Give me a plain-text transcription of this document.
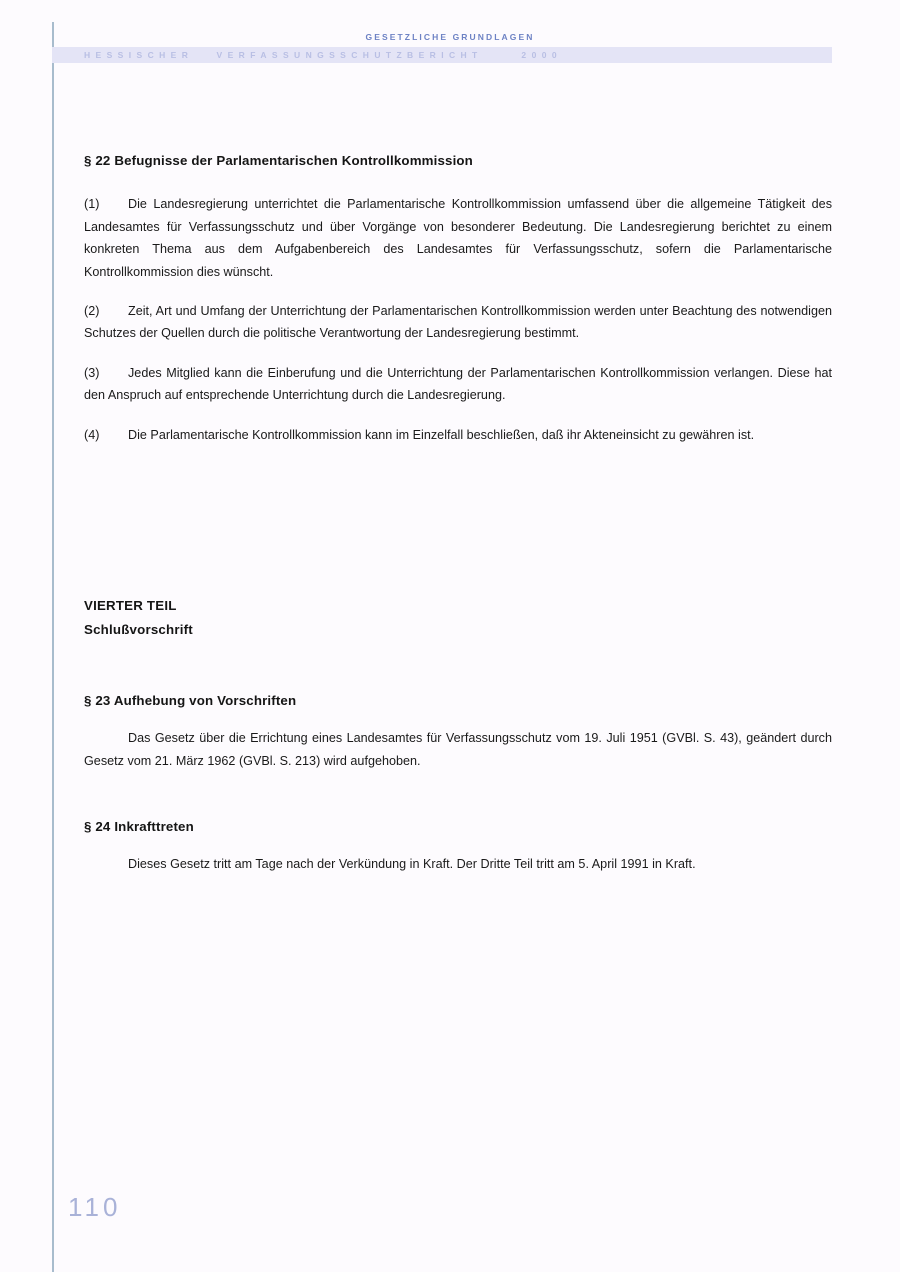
GESETZLICHE GRUNDLAGEN
HESSISCHER   VERFASSUNGSSCHUTZBERICHT     2000
§ 22 Befugnisse der Parlamentarischen Kontrollkommission

(1) Die Landesregierung unterrichtet die Parlamentarische Kontrollkommission umfassend über die allgemeine Tätigkeit des Landesamtes für Verfassungsschutz und über Vorgänge von besonderer Bedeutung. Die Landesregierung berichtet zu einem konkreten Thema aus dem Aufgabenbereich des Landesamtes für Verfassungsschutz, sofern die Parlamentarische Kontrollkommission dies wünscht.

(2) Zeit, Art und Umfang der Unterrichtung der Parlamentarischen Kontrollkommission werden unter Beachtung des notwendigen Schutzes der Quellen durch die politische Verantwortung der Landesregierung bestimmt.

(3) Jedes Mitglied kann die Einberufung und die Unterrichtung der Parlamentarischen Kontrollkommission verlangen. Diese hat den Anspruch auf entsprechende Unterrichtung durch die Landesregierung.

(4) Die Parlamentarische Kontrollkommission kann im Einzelfall beschließen, daß ihr Akteneinsicht zu gewähren ist.

VIERTER TEIL

Schlußvorschrift

§ 23 Aufhebung von Vorschriften

Das Gesetz über die Errichtung eines Landesamtes für Verfassungsschutz vom 19. Juli 1951 (GVBl. S. 43), geändert durch Gesetz vom 21. März 1962 (GVBl. S. 213) wird aufgehoben.

§ 24 Inkrafttreten

Dieses Gesetz tritt am Tage nach der Verkündung in Kraft. Der Dritte Teil tritt am 5. April 1991 in Kraft.

110
